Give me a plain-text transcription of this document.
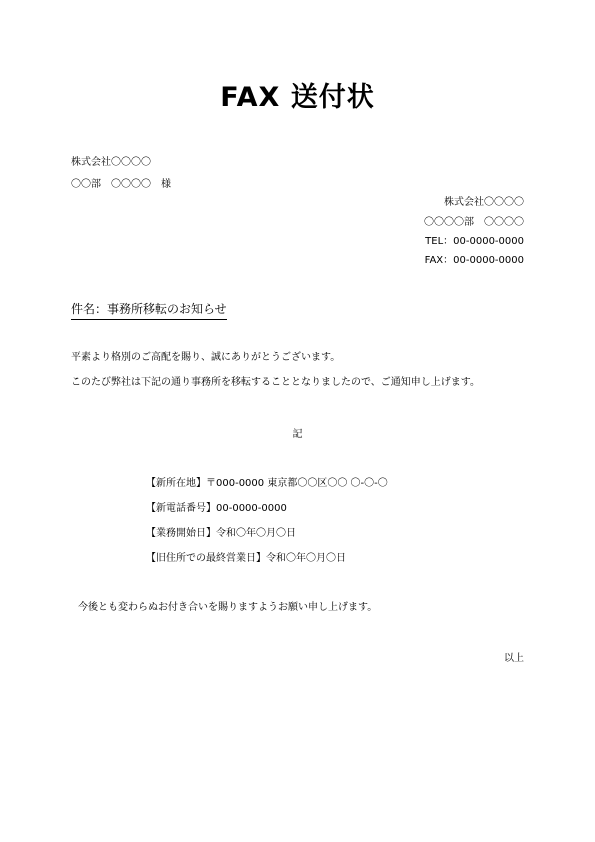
FAX 送付状
株式会社〇〇〇〇
〇〇部　〇〇〇〇　様
株式会社〇〇〇〇
〇〇〇〇部　〇〇〇〇
TEL：00-0000-0000
FAX：00-0000-0000
件名：事務所移転のお知らせ
平素より格別のご高配を賜り、誠にありがとうございます。
このたび弊社は下記の通り事務所を移転することとなりましたので、ご通知申し上げます。
記
【新所在地】〒000-0000 東京都〇〇区〇〇 〇-〇-〇
【新電話番号】00-0000-0000
【業務開始日】令和〇年〇月〇日
【旧住所での最終営業日】令和〇年〇月〇日
今後とも変わらぬお付き合いを賜りますようお願い申し上げます。
以上
